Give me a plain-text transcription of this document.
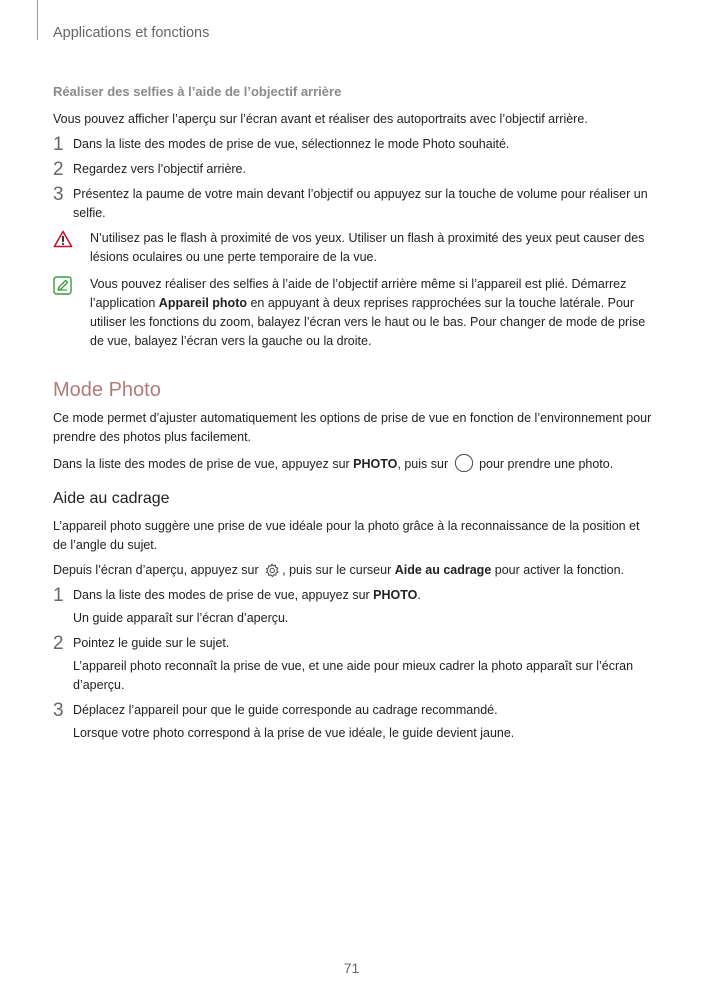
Applications et fonctions
Réaliser des selfies à l’aide de l’objectif arrière

Vous pouvez afficher l’aperçu sur l’écran avant et réaliser des autoportraits avec l’objectif arrière.

1 Dans la liste des modes de prise de vue, sélectionnez le mode Photo souhaité.
2 Regardez vers l’objectif arrière.
3 Présentez la paume de votre main devant l’objectif ou appuyez sur la touche de volume pour réaliser un selfie.
N’utilisez pas le flash à proximité de vos yeux. Utiliser un flash à proximité des yeux peut causer des lésions oculaires ou une perte temporaire de la vue.
Vous pouvez réaliser des selfies à l’aide de l’objectif arrière même si l’appareil est plié. Démarrez l’application Appareil photo en appuyant à deux reprises rapprochées sur la touche latérale. Pour utiliser les fonctions du zoom, balayez l’écran vers le haut ou le bas. Pour changer de mode de prise de vue, balayez l’écran vers la gauche ou la droite.
Mode Photo

Ce mode permet d’ajuster automatiquement les options de prise de vue en fonction de l’environnement pour prendre des photos plus facilement.

Dans la liste des modes de prise de vue, appuyez sur PHOTO, puis sur  pour prendre une photo.

Aide au cadrage

L’appareil photo suggère une prise de vue idéale pour la photo grâce à la reconnaissance de la position et de l’angle du sujet.

Depuis l’écran d’aperçu, appuyez sur , puis sur le curseur Aide au cadrage pour activer la fonction.

1 Dans la liste des modes de prise de vue, appuyez sur PHOTO.
Un guide apparaît sur l’écran d’aperçu.
2 Pointez le guide sur le sujet.
L’appareil photo reconnaît la prise de vue, et une aide pour mieux cadrer la photo apparaît sur l’écran d’aperçu.
3 Déplacez l’appareil pour que le guide corresponde au cadrage recommandé.
Lorsque votre photo correspond à la prise de vue idéale, le guide devient jaune.
71
